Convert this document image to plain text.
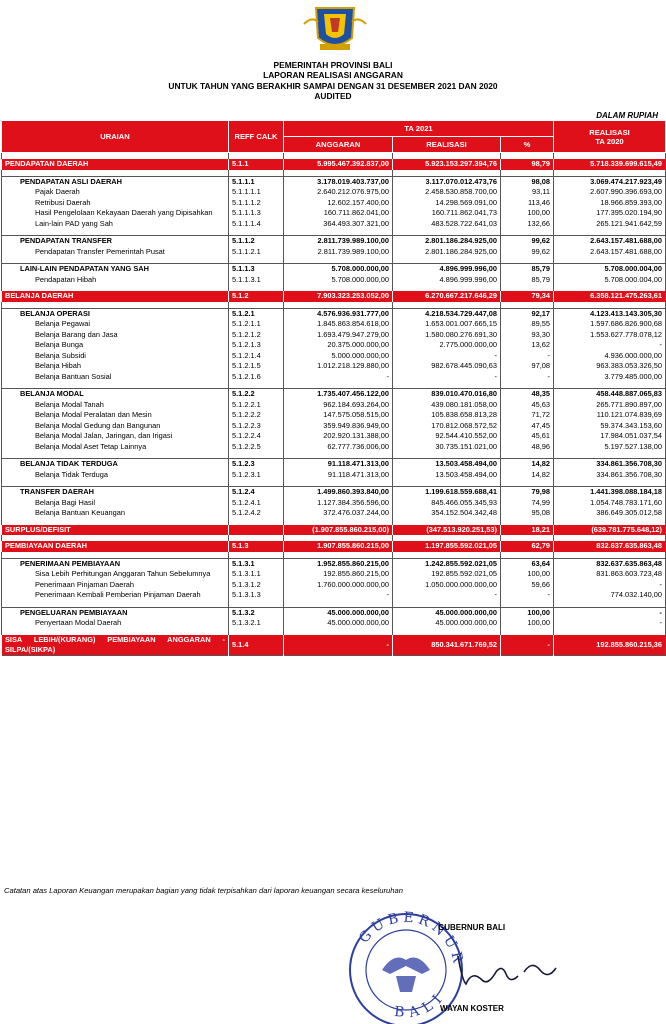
PEMERINTAH PROVINSI BALI
LAPORAN REALISASI ANGGARAN
UNTUK TAHUN YANG BERAKHIR SAMPAI DENGAN 31 DESEMBER 2021 DAN 2020
AUDITED
DALAM RUPIAH
URAIAN	REFF CALK	TA 2021			REALISASI
TA 2020

		ANGGARAN	REALISASI	%	

PENDAPATAN DAERAH	5.1.1	5.995.467.392.837,00	5.923.153.297.394,76	98,79	5.718.339.699.615,49

PENDAPATAN ASLI DAERAH	5.1.1.1	3.178.019.403.737,00	3.117.070.012.473,76	98,08	3.069.474.217.923,49
Pajak Daerah	5.1.1.1.1	2.640.212.076.975,00	2.458.530.858.700,00	93,11	2.607.990.396.693,00
Retribusi Daerah	5.1.1.1.2	12.602.157.400,00	14.298.569.091,00	113,46	18.966.859.393,00
Hasil Pengelolaan Kekayaan Daerah yang Dipisahkan	5.1.1.1.3	160.711.862.041,00	160.711.862.041,73	100,00	177.395.020.194,90
Lain-lain PAD yang Sah	5.1.1.1.4	364.493.307.321,00	483.528.722.641,03	132,66	265.121.941.642,59

PENDAPATAN TRANSFER	5.1.1.2	2.811.739.989.100,00	2.801.186.284.925,00	99,62	2.643.157.481.688,00
Pendapatan Transfer Pemerintah Pusat	5.1.1.2.1	2.811.739.989.100,00	2.801.186.284.925,00	99,62	2.643.157.481.688,00

LAIN-LAIN PENDAPATAN YANG SAH	5.1.1.3	5.708.000.000,00	4.896.999.996,00	85,79	5.708.000.004,00
Pendapatan Hibah	5.1.1.3.1	5.708.000.000,00	4.896.999.996,00	85,79	5.708.000.004,00

BELANJA DAERAH	5.1.2	7.903.323.253.052,00	6.270.667.217.646,29	79,34	6.358.121.475.263,61

BELANJA OPERASI	5.1.2.1	4.576.936.931.777,00	4.218.534.729.447,08	92,17	4.123.413.143.305,30
Belanja Pegawai	5.1.2.1.1	1.845.863.854.618,00	1.653.001.007.665,15	89,55	1.597.686.826.900,68
Belanja Barang dan Jasa	5.1.2.1.2	1.693.479.947.279,00	1.580.080.276.691,30	93,30	1.553.627.778.078,12
Belanja Bunga	5.1.2.1.3	20.375.000.000,00	2.775.000.000,00	13,62	-
Belanja Subsidi	5.1.2.1.4	5.000.000.000,00	-	-	4.936.000.000,00
Belanja Hibah	5.1.2.1.5	1.012.218.129.880,00	982.678.445.090,63	97,08	963.383.053.326,50
Belanja Bantuan Sosial	5.1.2.1.6	-	-	-	3.779.485.000,00

BELANJA MODAL	5.1.2.2	1.735.407.456.122,00	839.010.470.016,80	48,35	458.448.887.065,83
Belanja Modal Tanah	5.1.2.2.1	962.184.693.264,00	439.080.181.058,00	45,63	265.771.890.897,00
Belanja Modal Peralatan dan Mesin	5.1.2.2.2	147.575.058.515,00	105.838.658.813,28	71,72	110.121.074.839,69
Belanja Modal Gedung dan Bangunan	5.1.2.2.3	359.949.836.949,00	170.812.068.572,52	47,45	59.374.343.153,60
Belanja Modal Jalan, Jaringan, dan Irigasi	5.1.2.2.4	202.920.131.388,00	92.544.410.552,00	45,61	17.984.051.037,54
Belanja Modal Aset Tetap Lainnya	5.1.2.2.5	62.777.736.006,00	30.735.151.021,00	48,96	5.197.527.138,00

BELANJA TIDAK TERDUGA	5.1.2.3	91.118.471.313,00	13.503.458.494,00	14,82	334.861.356.708,30
Belanja Tidak Terduga	5.1.2.3.1	91.118.471.313,00	13.503.458.494,00	14,82	334.861.356.708,30

TRANSFER DAERAH	5.1.2.4	1.499.860.393.840,00	1.199.618.559.688,41	79,98	1.441.398.088.184,18
Belanja Bagi Hasil	5.1.2.4.1	1.127.384.356.596,00	845.466.055.345,93	74,99	1.054.748.783.171,60
Belanja Bantuan Keuangan	5.1.2.4.2	372.476.037.244,00	354.152.504.342,48	95,08	386.649.305.012,58

SURPLUS/DEFISIT		(1.907.855.860.215,00)	(347.513.920.251,53)	18,21	(639.781.775.648,12)

PEMBIAYAAN DAERAH	5.1.3	1.907.855.860.215,00	1.197.855.592.021,05	62,79	832.637.635.863,48

PENERIMAAN PEMBIAYAAN	5.1.3.1	1.952.855.860.215,00	1.242.855.592.021,05	63,64	832.637.635.863,48
Sisa Lebih Perhitungan Anggaran Tahun Sebelumnya	5.1.3.1.1	192.855.860.215,00	192.855.592.021,05	100,00	831.863.603.723,48
Penerimaan Pinjaman Daerah	5.1.3.1.2	1.760.000.000.000,00	1.050.000.000.000,00	59,66	-
Penerimaan Kembali Pemberian Pinjaman Daerah	5.1.3.1.3	-	-	-	774.032.140,00

PENGELUARAN PEMBIAYAAN	5.1.3.2	45.000.000.000,00	45.000.000.000,00	100,00	-
Penyertaan Modal Daerah	5.1.3.2.1	45.000.000.000,00	45.000.000.000,00	100,00	-

SISA LEBIH/(KURANG) PEMBIAYAAN ANGGARAN - SILPA/(SIKPA)	5.1.4	-	850.341.671.769,52	-	192.855.860.215,36
Catatan atas Laporan Keuangan merupakan bagian yang tidak terpisahkan dari laporan keuangan secara keseluruhan
GUBERNUR
BALI
GUBERNUR BALI
WAYAN KOSTER
